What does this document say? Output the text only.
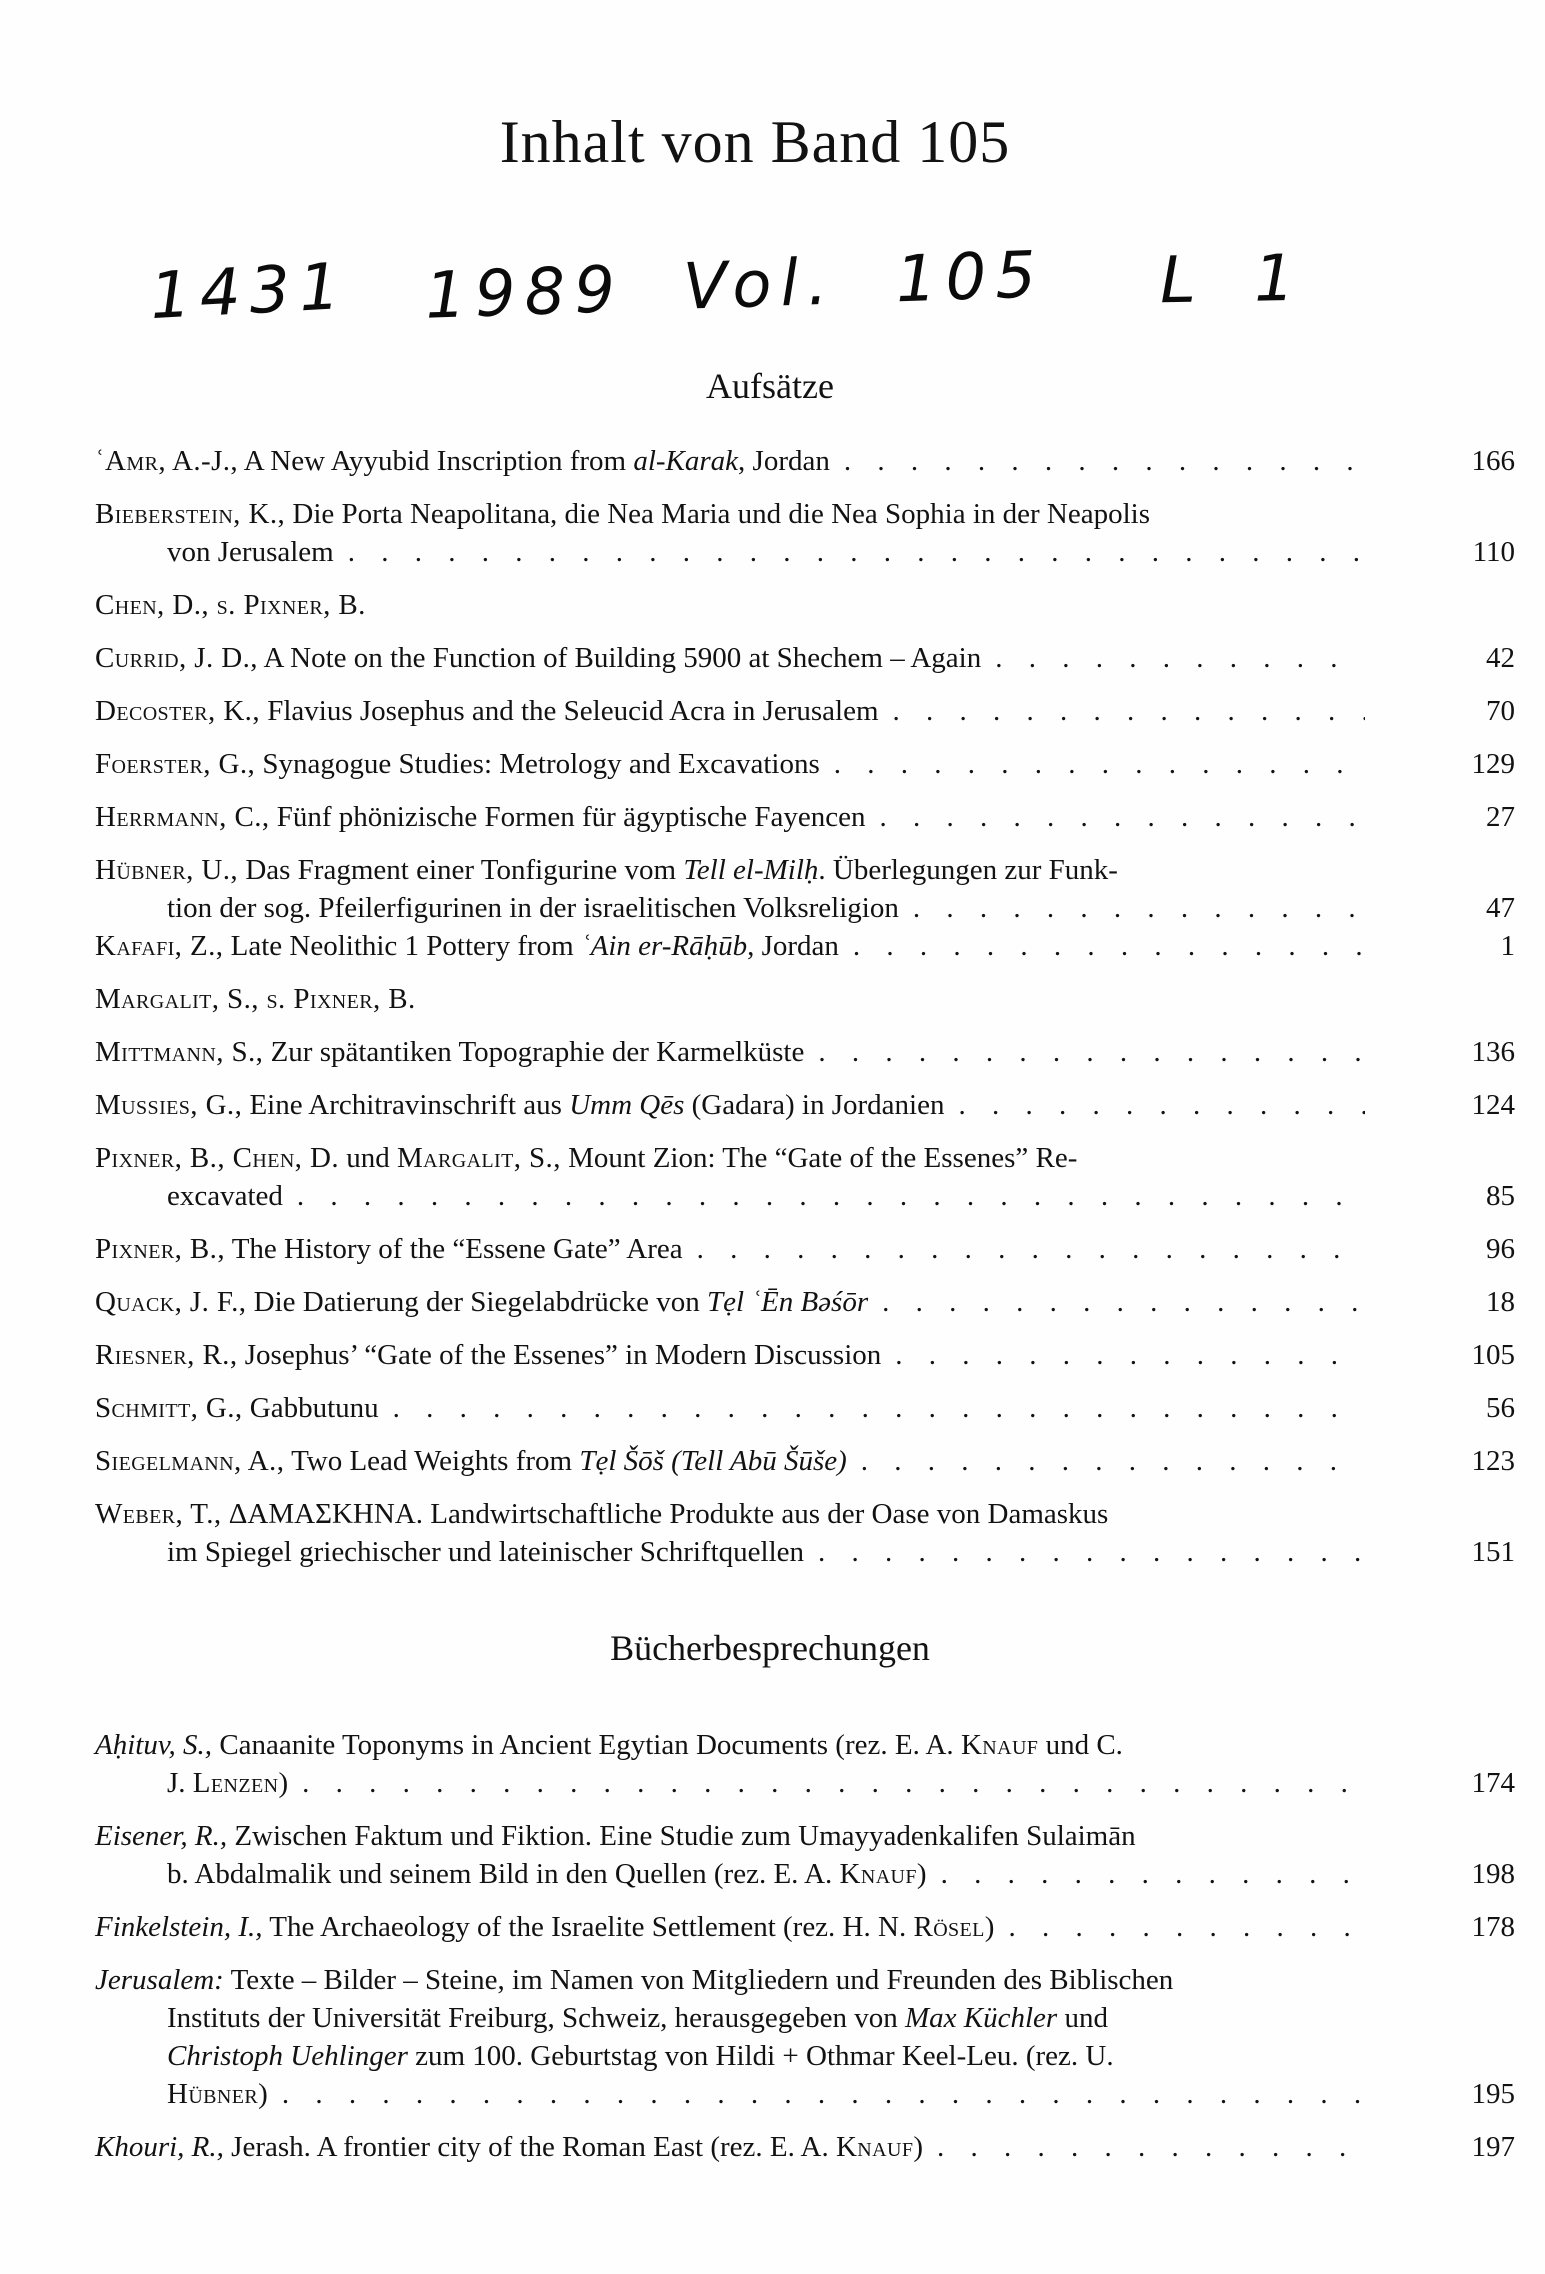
Inhalt von Band 105
1431 1989 Vol. 105 L 1
Aufsätze
ʿAmr, A.-J., A New Ayyubid Inscription from al-Karak, Jordan . . .	166
Bieberstein, K., Die Porta Neapolitana, die Nea Maria und die Nea Sophia in der Neapolis
von Jerusalem . . .	110
Chen, D., s. Pixner, B.
Currid, J. D., A Note on the Function of Building 5900 at Shechem – Again . . .	42
Decoster, K., Flavius Josephus and the Seleucid Acra in Jerusalem . . .	70
Foerster, G., Synagogue Studies: Metrology and Excavations . . .	129
Herrmann, C., Fünf phönizische Formen für ägyptische Fayencen . . .	27
Hübner, U., Das Fragment einer Tonfigurine vom Tell el-Milḥ. Überlegungen zur Funk-
tion der sog. Pfeilerfigurinen in der israelitischen Volksreligion . . .	47
Kafafi, Z., Late Neolithic 1 Pottery from ʿAin er-Rāḥūb, Jordan . . .	1
Margalit, S., s. Pixner, B.
Mittmann, S., Zur spätantiken Topographie der Karmelküste . . .	136
Mussies, G., Eine Architravinschrift aus Umm Qēs (Gadara) in Jordanien . . .	124
Pixner, B., Chen, D. und Margalit, S., Mount Zion: The “Gate of the Essenes” Re-
excavated . . .	85
Pixner, B., The History of the “Essene Gate” Area . . .	96
Quack, J. F., Die Datierung der Siegelabdrücke von Tẹl ʿĒn Bəśōr . . .	18
Riesner, R., Josephus’ “Gate of the Essenes” in Modern Discussion . . .	105
Schmitt, G., Gabbutunu . . .	56
Siegelmann, A., Two Lead Weights from Tẹl Šōš (Tell Abū Šūše) . . .	123
Weber, T., ΔΑΜΑΣΚΗΝΑ. Landwirtschaftliche Produkte aus der Oase von Damaskus
im Spiegel griechischer und lateinischer Schriftquellen . . .	151
Bücherbesprechungen
Aḥituv, S., Canaanite Toponyms in Ancient Egytian Documents (rez. E. A. Knauf und C.
J. Lenzen) . . .	174
Eisener, R., Zwischen Faktum und Fiktion. Eine Studie zum Umayyadenkalifen Sulaimān
b. Abdalmalik und seinem Bild in den Quellen (rez. E. A. Knauf) . . .	198
Finkelstein, I., The Archaeology of the Israelite Settlement (rez. H. N. Rösel) . . .	178
Jerusalem: Texte – Bilder – Steine, im Namen von Mitgliedern und Freunden des Biblischen
Instituts der Universität Freiburg, Schweiz, herausgegeben von Max Küchler und
Christoph Uehlinger zum 100. Geburtstag von Hildi + Othmar Keel-Leu. (rez. U.
Hübner) . . .	195
Khouri, R., Jerash. A frontier city of the Roman East (rez. E. A. Knauf) . . .	197
